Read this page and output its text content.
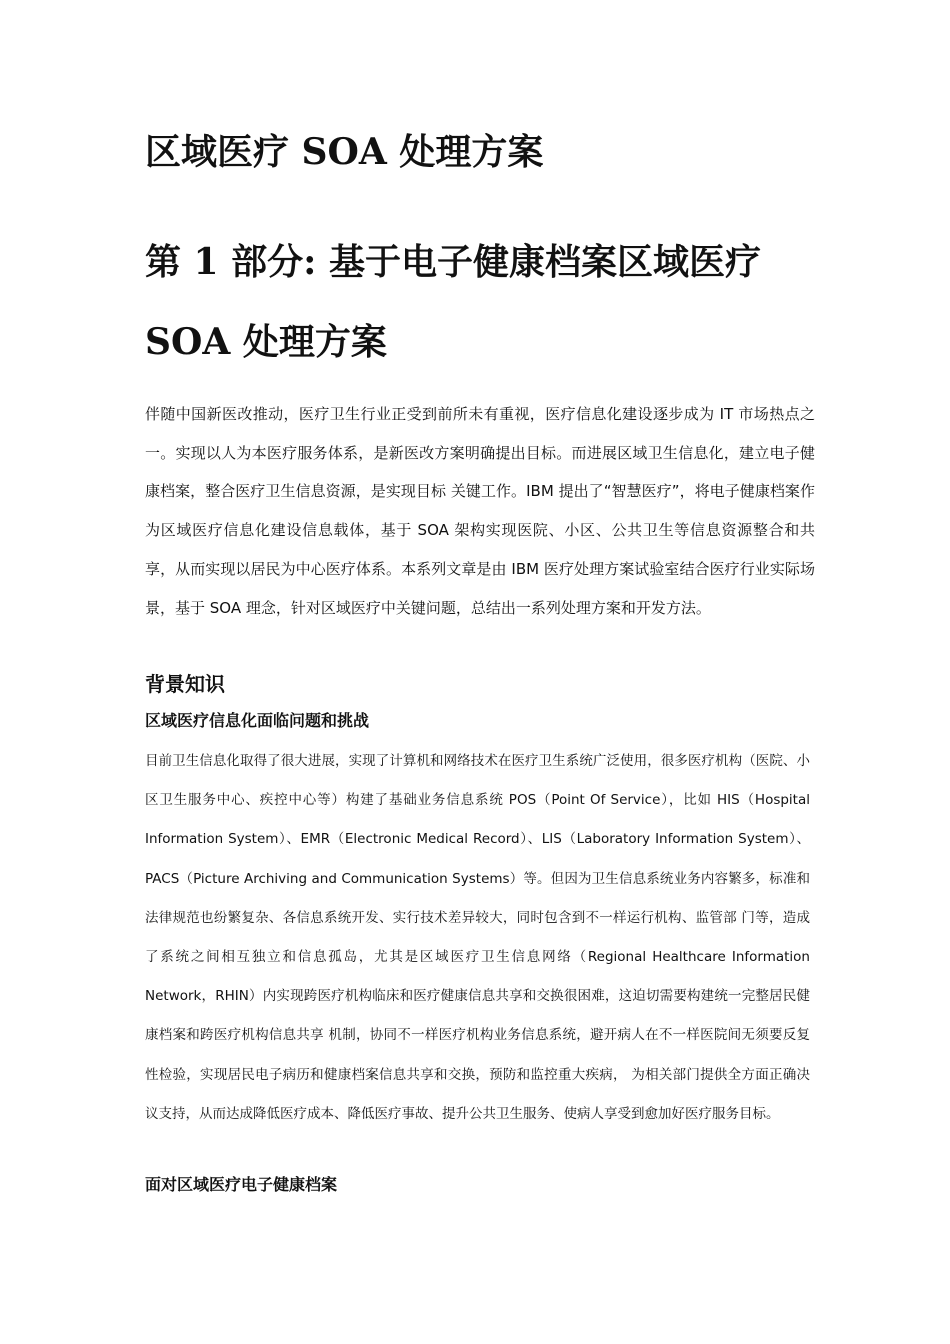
区域医疗 SOA 处理方案
第 1 部分: 基于电子健康档案区域医疗 SOA 处理方案

伴随中国新医改推动，医疗卫生行业正受到前所未有重视，医疗信息化建设逐步成为 IT 市场热点之一。实现以人为本医疗服务体系，是新医改方案明确提出目标。而进展区域卫生信息化，建立电子健康档案，整合医疗卫生信息资源，是实现目标 关键工作。IBM 提出了“智慧医疗”，将电子健康档案作为区域医疗信息化建设信息载体，基于 SOA 架构实现医院、小区、公共卫生等信息资源整合和共享，从而实现以居民为中心医疗体系。本系列文章是由 IBM 医疗处理方案试验室结合医疗行业实际场景，基于 SOA 理念，针对区域医疗中关键问题，总结出一系列处理方案和开发方法。

背景知识
区域医疗信息化面临问题和挑战

目前卫生信息化取得了很大进展，实现了计算机和网络技术在医疗卫生系统广泛使用，很多医疗机构（医院、小区卫生服务中心、疾控中心等）构建了基础业务信息系统 POS（Point Of Service），比如 HIS（Hospital Information System）、EMR（Electronic Medical Record）、LIS（Laboratory Information System）、PACS（Picture Archiving and Communication Systems）等。但因为卫生信息系统业务内容繁多，标准和法律规范也纷繁复杂、各信息系统开发、实行技术差异较大，同时包含到不一样运行机构、监管部 门等，造成了系统之间相互独立和信息孤岛，尤其是区域医疗卫生信息网络（Regional Healthcare Information Network，RHIN）内实现跨医疗机构临床和医疗健康信息共享和交换很困难，这迫切需要构建统一完整居民健康档案和跨医疗机构信息共享 机制，协同不一样医疗机构业务信息系统，避开病人在不一样医院间无须要反复性检验，实现居民电子病历和健康档案信息共享和交换，预防和监控重大疾病， 为相关部门提供全方面正确决议支持，从而达成降低医疗成本、降低医疗事故、提升公共卫生服务、使病人享受到愈加好医疗服务目标。

面对区域医疗电子健康档案
